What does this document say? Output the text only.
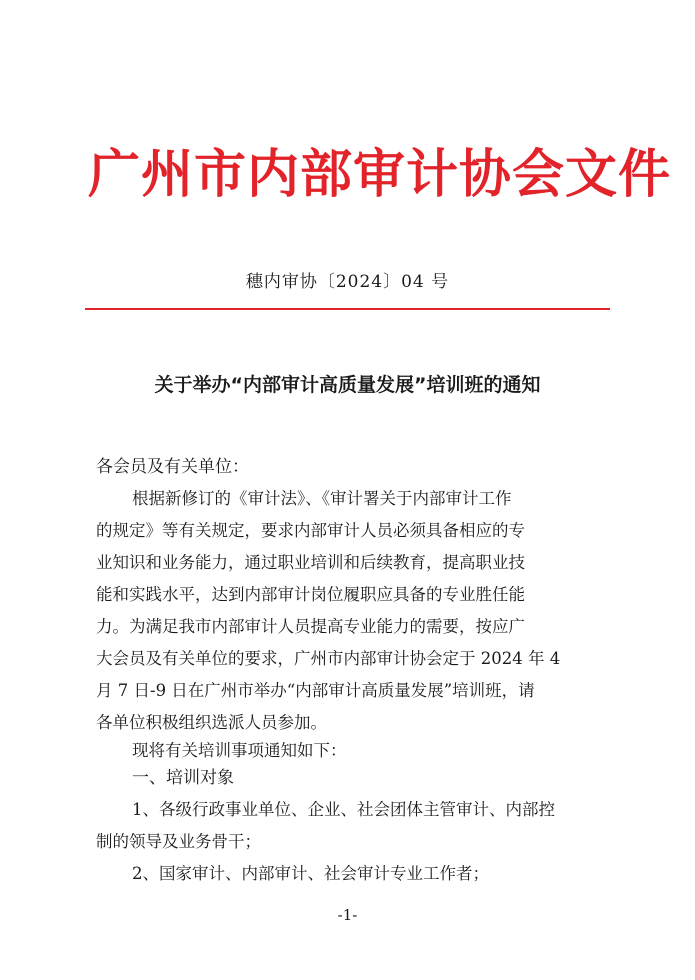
广州市内部审计协会文件
穗内审协〔2024〕04 号
关于举办“内部审计高质量发展”培训班的通知
各会员及有关单位：
根据新修订的《审计法》、《审计署关于内部审计工作
的规定》等有关规定，要求内部审计人员必须具备相应的专
业知识和业务能力，通过职业培训和后续教育，提高职业技
能和实践水平，达到内部审计岗位履职应具备的专业胜任能
力。为满足我市内部审计人员提高专业能力的需要，按应广
大会员及有关单位的要求，广州市内部审计协会定于 2024 年 4
月 7 日-9 日在广州市举办“内部审计高质量发展”培训班，请
各单位积极组织选派人员参加。
现将有关培训事项通知如下：
一、培训对象
1、各级行政事业单位、企业、社会团体主管审计、内部控
制的领导及业务骨干；
2、国家审计、内部审计、社会审计专业工作者；
-1-
